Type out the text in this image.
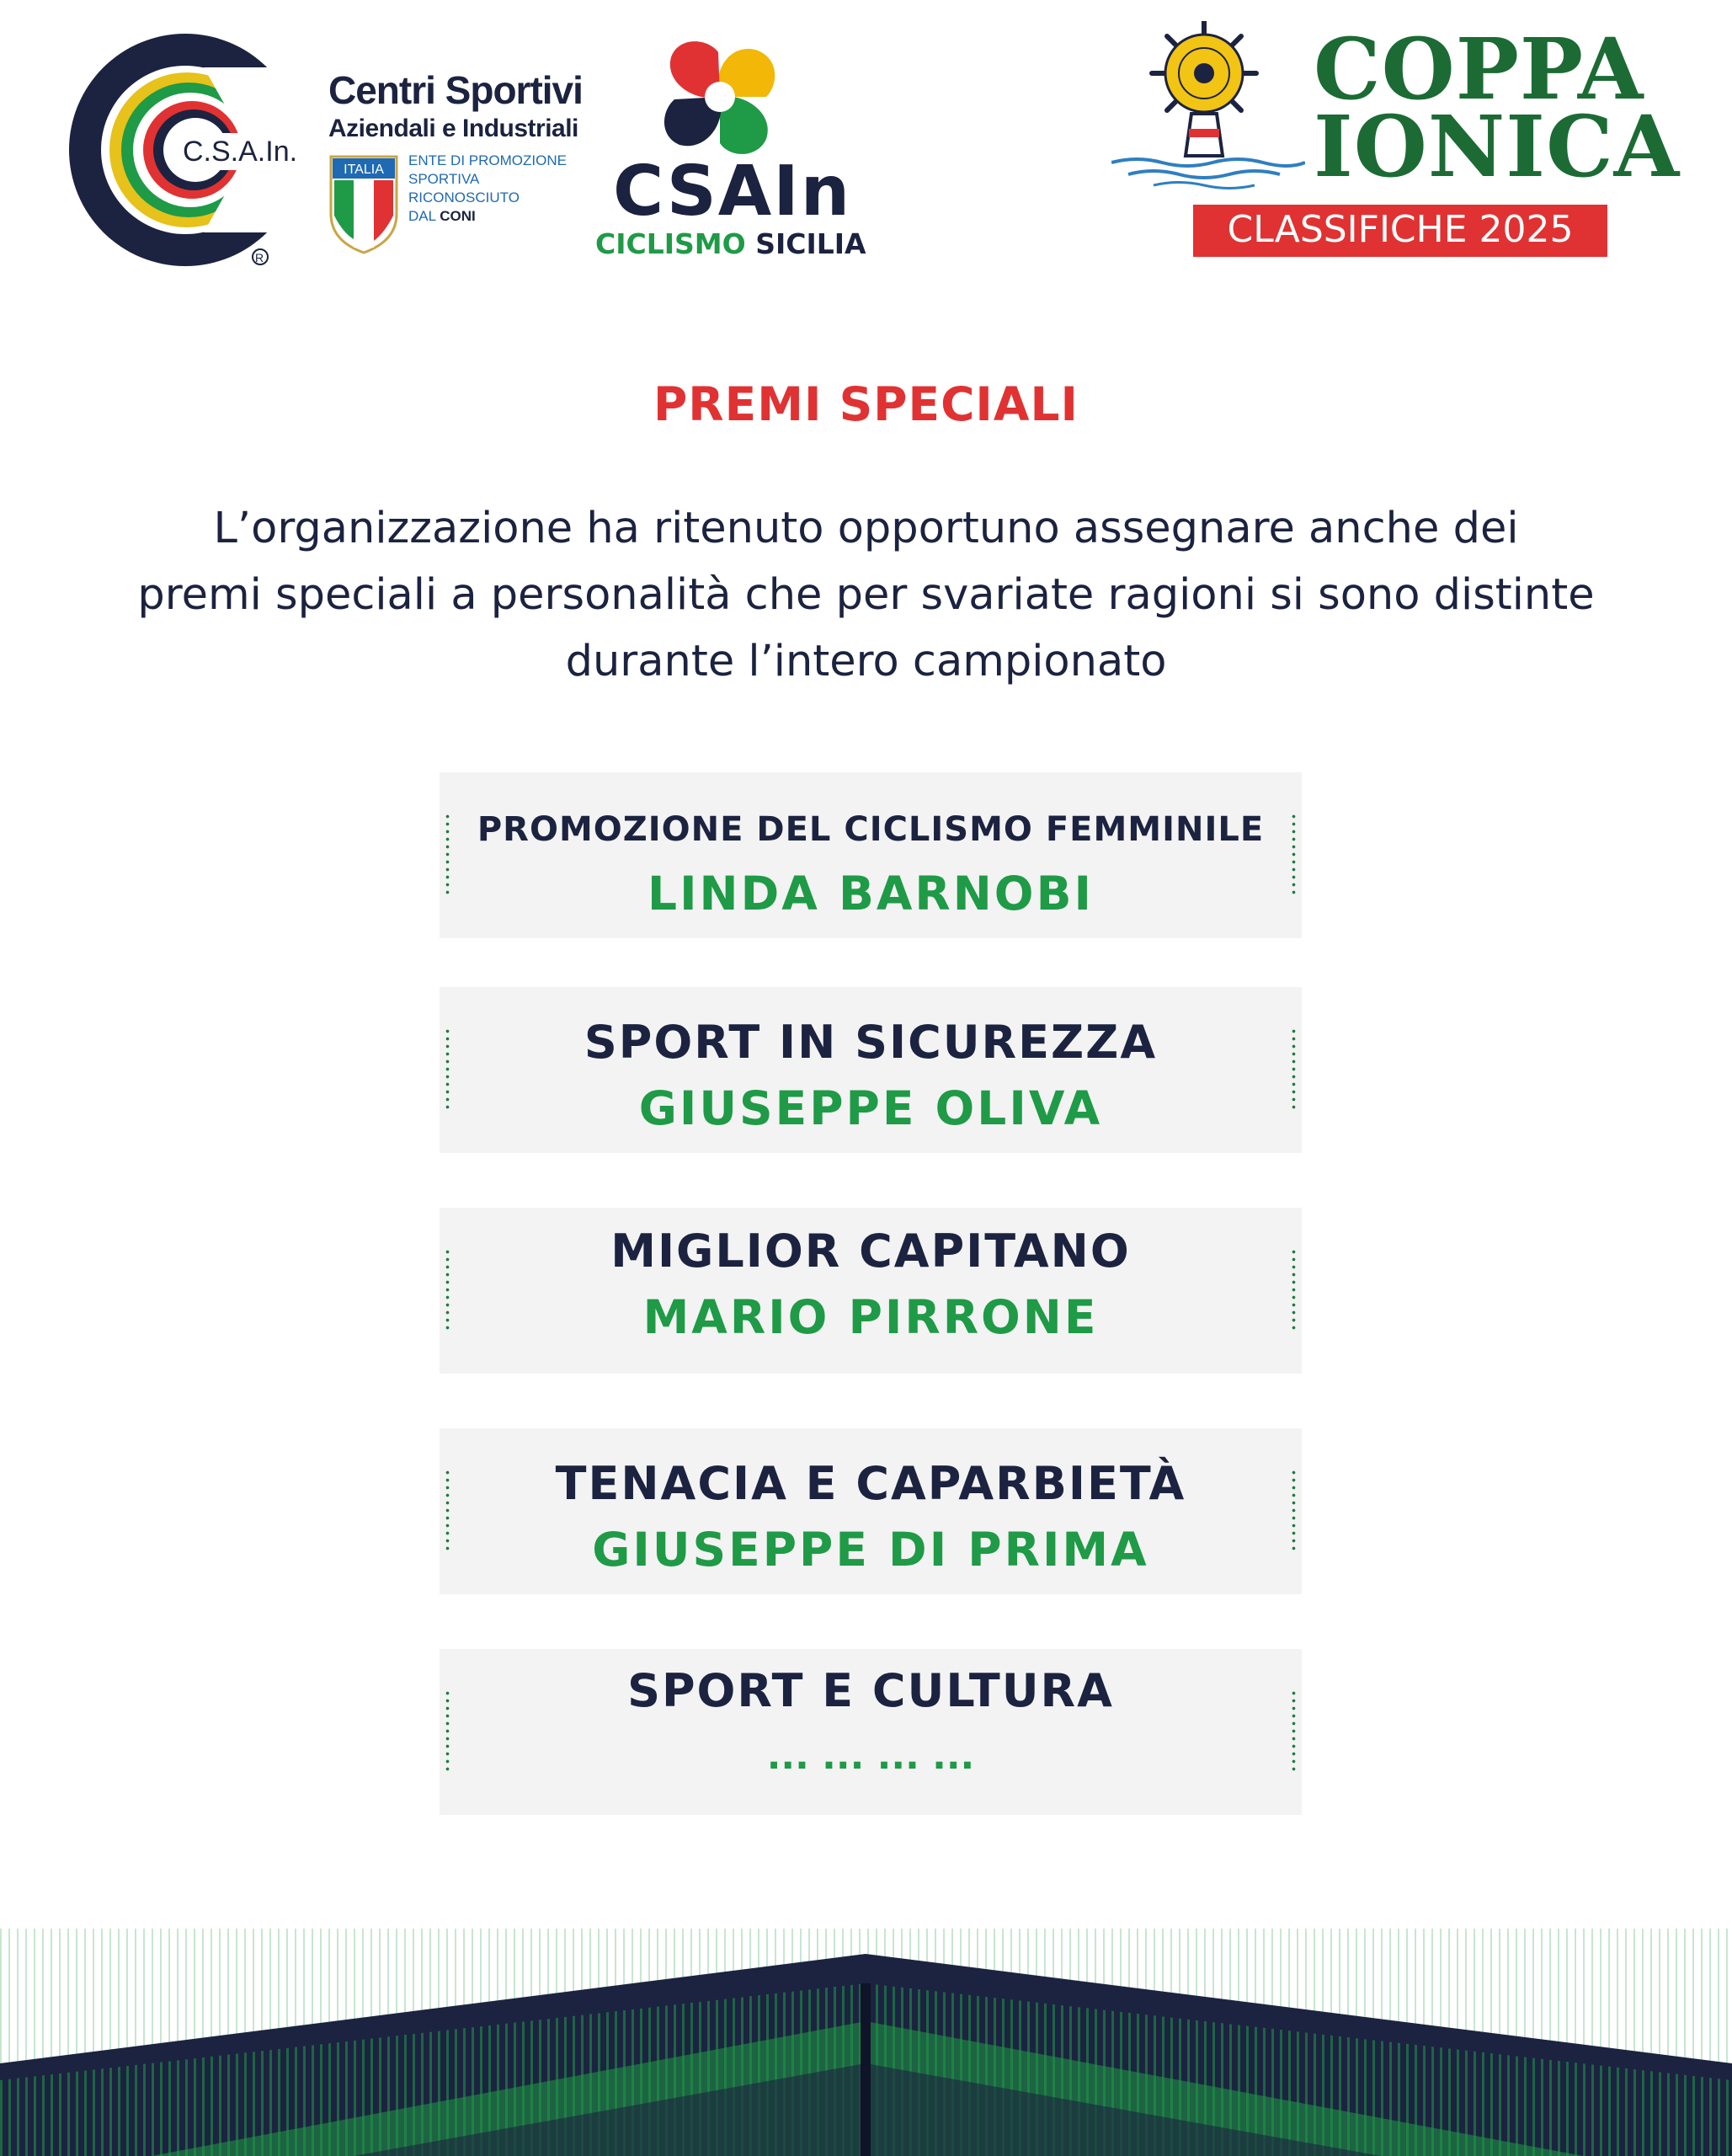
C.S.A.In.
R
Centri Sportivi
Aziendali e Industriali
ITALIA
ENTE DI PROMOZIONE
SPORTIVA
RICONOSCIUTO
DAL CONI CSAIn
CICLISMO SICILIA
COPPA
IONICA
CLASSIFICHE 2025
PREMI SPECIALI
L’organizzazione ha ritenuto opportuno assegnare anche dei
premi speciali a personalità che per svariate ragioni si sono distinte
durante l’intero campionato
PROMOZIONE DEL CICLISMO FEMMINILE
LINDA BARNOBI
SPORT IN SICUREZZA
GIUSEPPE OLIVA
MIGLIOR CAPITANO
MARIO PIRRONE
TENACIA E CAPARBIETÀ
GIUSEPPE DI PRIMA
SPORT E CULTURA
... ... ... ...
